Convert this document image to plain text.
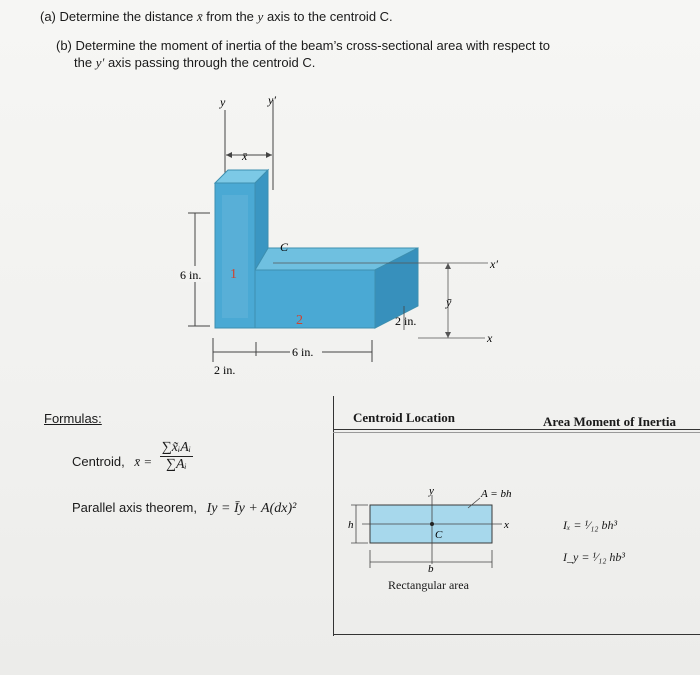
(a) Determine the distance x̄ from the y axis to the centroid C.
(b) Determine the moment of inertia of the beam’s cross-sectional area with respect to
the y′ axis passing through the centroid C.
1
2
y	y′
x̄
C
x′
x
ȳ
6 in.
2 in.
6 in.
2 in.
Formulas:
Centroid, x̄ =
∑x̃ᵢAᵢ
∑Aᵢ
Parallel axis theorem, Iy = Īy + A(dx)²
Centroid Location	Area Moment of Inertia
y
x
C
h
b
A = bh
Rectangular area
Iₓ = ¹⁄₁₂ bh³
I_y = ¹⁄₁₂ hb³
